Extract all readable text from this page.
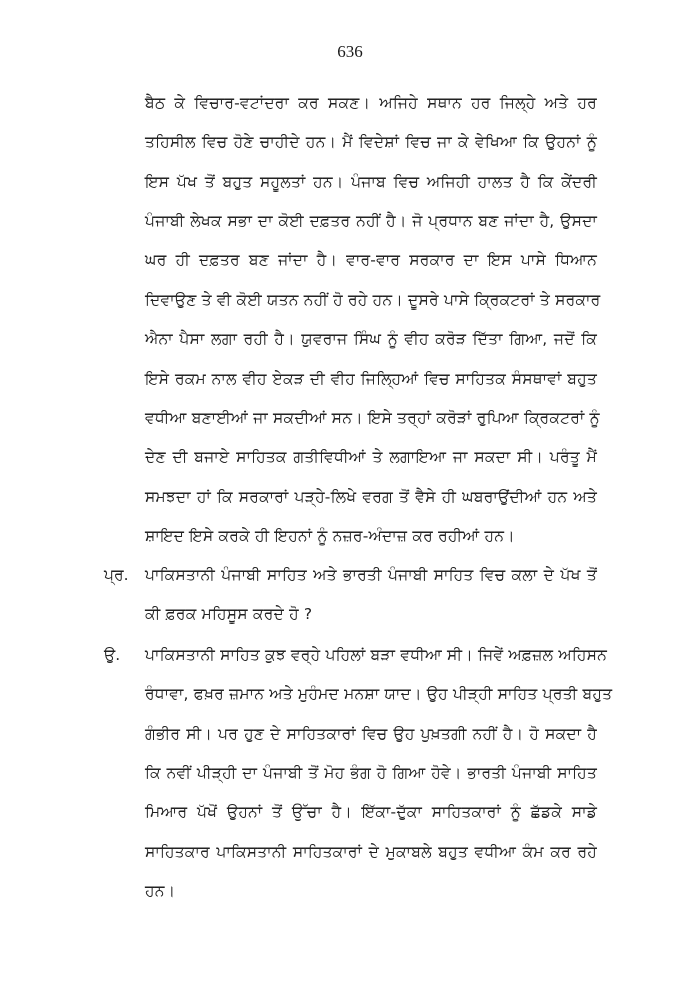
636
ਬੈਠ ਕੇ ਵਿਚਾਰ-ਵਟਾਂਦਰਾ ਕਰ ਸਕਣ। ਅਜਿਹੇ ਸਥਾਨ ਹਰ ਜਿਲ੍ਹੇ ਅਤੇ ਹਰ
ਤਹਿਸੀਲ ਵਿਚ ਹੋਣੇ ਚਾਹੀਦੇ ਹਨ। ਮੈਂ ਵਿਦੇਸ਼ਾਂ ਵਿਚ ਜਾ ਕੇ ਵੇਖਿਆ ਕਿ ਉਹਨਾਂ ਨੂੰ
ਇਸ ਪੱਖ ਤੋਂ ਬਹੁਤ ਸਹੂਲਤਾਂ ਹਨ। ਪੰਜਾਬ ਵਿਚ ਅਜਿਹੀ ਹਾਲਤ ਹੈ ਕਿ ਕੇਂਦਰੀ
ਪੰਜਾਬੀ ਲੇਖਕ ਸਭਾ ਦਾ ਕੋਈ ਦਫ਼ਤਰ ਨਹੀਂ ਹੈ। ਜੋ ਪ੍ਰਧਾਨ ਬਣ ਜਾਂਦਾ ਹੈ, ਉਸਦਾ
ਘਰ ਹੀ ਦਫ਼ਤਰ ਬਣ ਜਾਂਦਾ ਹੈ। ਵਾਰ-ਵਾਰ ਸਰਕਾਰ ਦਾ ਇਸ ਪਾਸੇ ਧਿਆਨ
ਦਿਵਾਉਣ ਤੇ ਵੀ ਕੋਈ ਯਤਨ ਨਹੀਂ ਹੋ ਰਹੇ ਹਨ। ਦੂਸਰੇ ਪਾਸੇ ਕ੍ਰਿਕਟਰਾਂ ਤੇ ਸਰਕਾਰ
ਐਨਾ ਪੈਸਾ ਲਗਾ ਰਹੀ ਹੈ। ਯੁਵਰਾਜ ਸਿੰਘ ਨੂੰ ਵੀਹ ਕਰੋੜ ਦਿੱਤਾ ਗਿਆ, ਜਦੋਂ ਕਿ
ਇਸੇ ਰਕਮ ਨਾਲ ਵੀਹ ਏਕੜ ਦੀ ਵੀਹ ਜਿਲ੍ਹਿਆਂ ਵਿਚ ਸਾਹਿਤਕ ਸੰਸਥਾਵਾਂ ਬਹੁਤ
ਵਧੀਆ ਬਣਾਈਆਂ ਜਾ ਸਕਦੀਆਂ ਸਨ। ਇਸੇ ਤਰ੍ਹਾਂ ਕਰੋੜਾਂ ਰੁਪਿਆ ਕ੍ਰਿਕਟਰਾਂ ਨੂੰ
ਦੇਣ ਦੀ ਬਜਾਏ ਸਾਹਿਤਕ ਗਤੀਵਿਧੀਆਂ ਤੇ ਲਗਾਇਆ ਜਾ ਸਕਦਾ ਸੀ। ਪਰੰਤੂ ਮੈਂ
ਸਮਝਦਾ ਹਾਂ ਕਿ ਸਰਕਾਰਾਂ ਪੜ੍ਹੇ-ਲਿਖੇ ਵਰਗ ਤੋਂ ਵੈਸੇ ਹੀ ਘਬਰਾਉਂਦੀਆਂ ਹਨ ਅਤੇ
ਸ਼ਾਇਦ ਇਸੇ ਕਰਕੇ ਹੀ ਇਹਨਾਂ ਨੂੰ ਨਜ਼ਰ-ਅੰਦਾਜ਼ ਕਰ ਰਹੀਆਂ ਹਨ।
ਪ੍ਰ. ਪਾਕਿਸਤਾਨੀ ਪੰਜਾਬੀ ਸਾਹਿਤ ਅਤੇ ਭਾਰਤੀ ਪੰਜਾਬੀ ਸਾਹਿਤ ਵਿਚ ਕਲਾ ਦੇ ਪੱਖ ਤੋਂ
ਕੀ ਫ਼ਰਕ ਮਹਿਸੂਸ ਕਰਦੇ ਹੋ ?
ਉ. ਪਾਕਿਸਤਾਨੀ ਸਾਹਿਤ ਕੁਝ ਵਰ੍ਹੇ ਪਹਿਲਾਂ ਬੜਾ ਵਧੀਆ ਸੀ। ਜਿਵੇਂ ਅਫ਼ਜ਼ਲ ਅਹਿਸਨ
ਰੰਧਾਵਾ, ਫਖ਼ਰ ਜ਼ਮਾਨ ਅਤੇ ਮੁਹੰਮਦ ਮਨਸ਼ਾ ਯਾਦ। ਉਹ ਪੀੜ੍ਹੀ ਸਾਹਿਤ ਪ੍ਰਤੀ ਬਹੁਤ
ਗੰਭੀਰ ਸੀ। ਪਰ ਹੁਣ ਦੇ ਸਾਹਿਤਕਾਰਾਂ ਵਿਚ ਉਹ ਪੁਖ਼ਤਗੀ ਨਹੀਂ ਹੈ। ਹੋ ਸਕਦਾ ਹੈ
ਕਿ ਨਵੀਂ ਪੀੜ੍ਹੀ ਦਾ ਪੰਜਾਬੀ ਤੋਂ ਮੋਹ ਭੰਗ ਹੋ ਗਿਆ ਹੋਵੇ। ਭਾਰਤੀ ਪੰਜਾਬੀ ਸਾਹਿਤ
ਮਿਆਰ ਪੱਖੋਂ ਉਹਨਾਂ ਤੋਂ ਉੱਚਾ ਹੈ। ਇੱਕਾ-ਦੁੱਕਾ ਸਾਹਿਤਕਾਰਾਂ ਨੂੰ ਛੱਡਕੇ ਸਾਡੇ
ਸਾਹਿਤਕਾਰ ਪਾਕਿਸਤਾਨੀ ਸਾਹਿਤਕਾਰਾਂ ਦੇ ਮੁਕਾਬਲੇ ਬਹੁਤ ਵਧੀਆ ਕੰਮ ਕਰ ਰਹੇ
ਹਨ।
